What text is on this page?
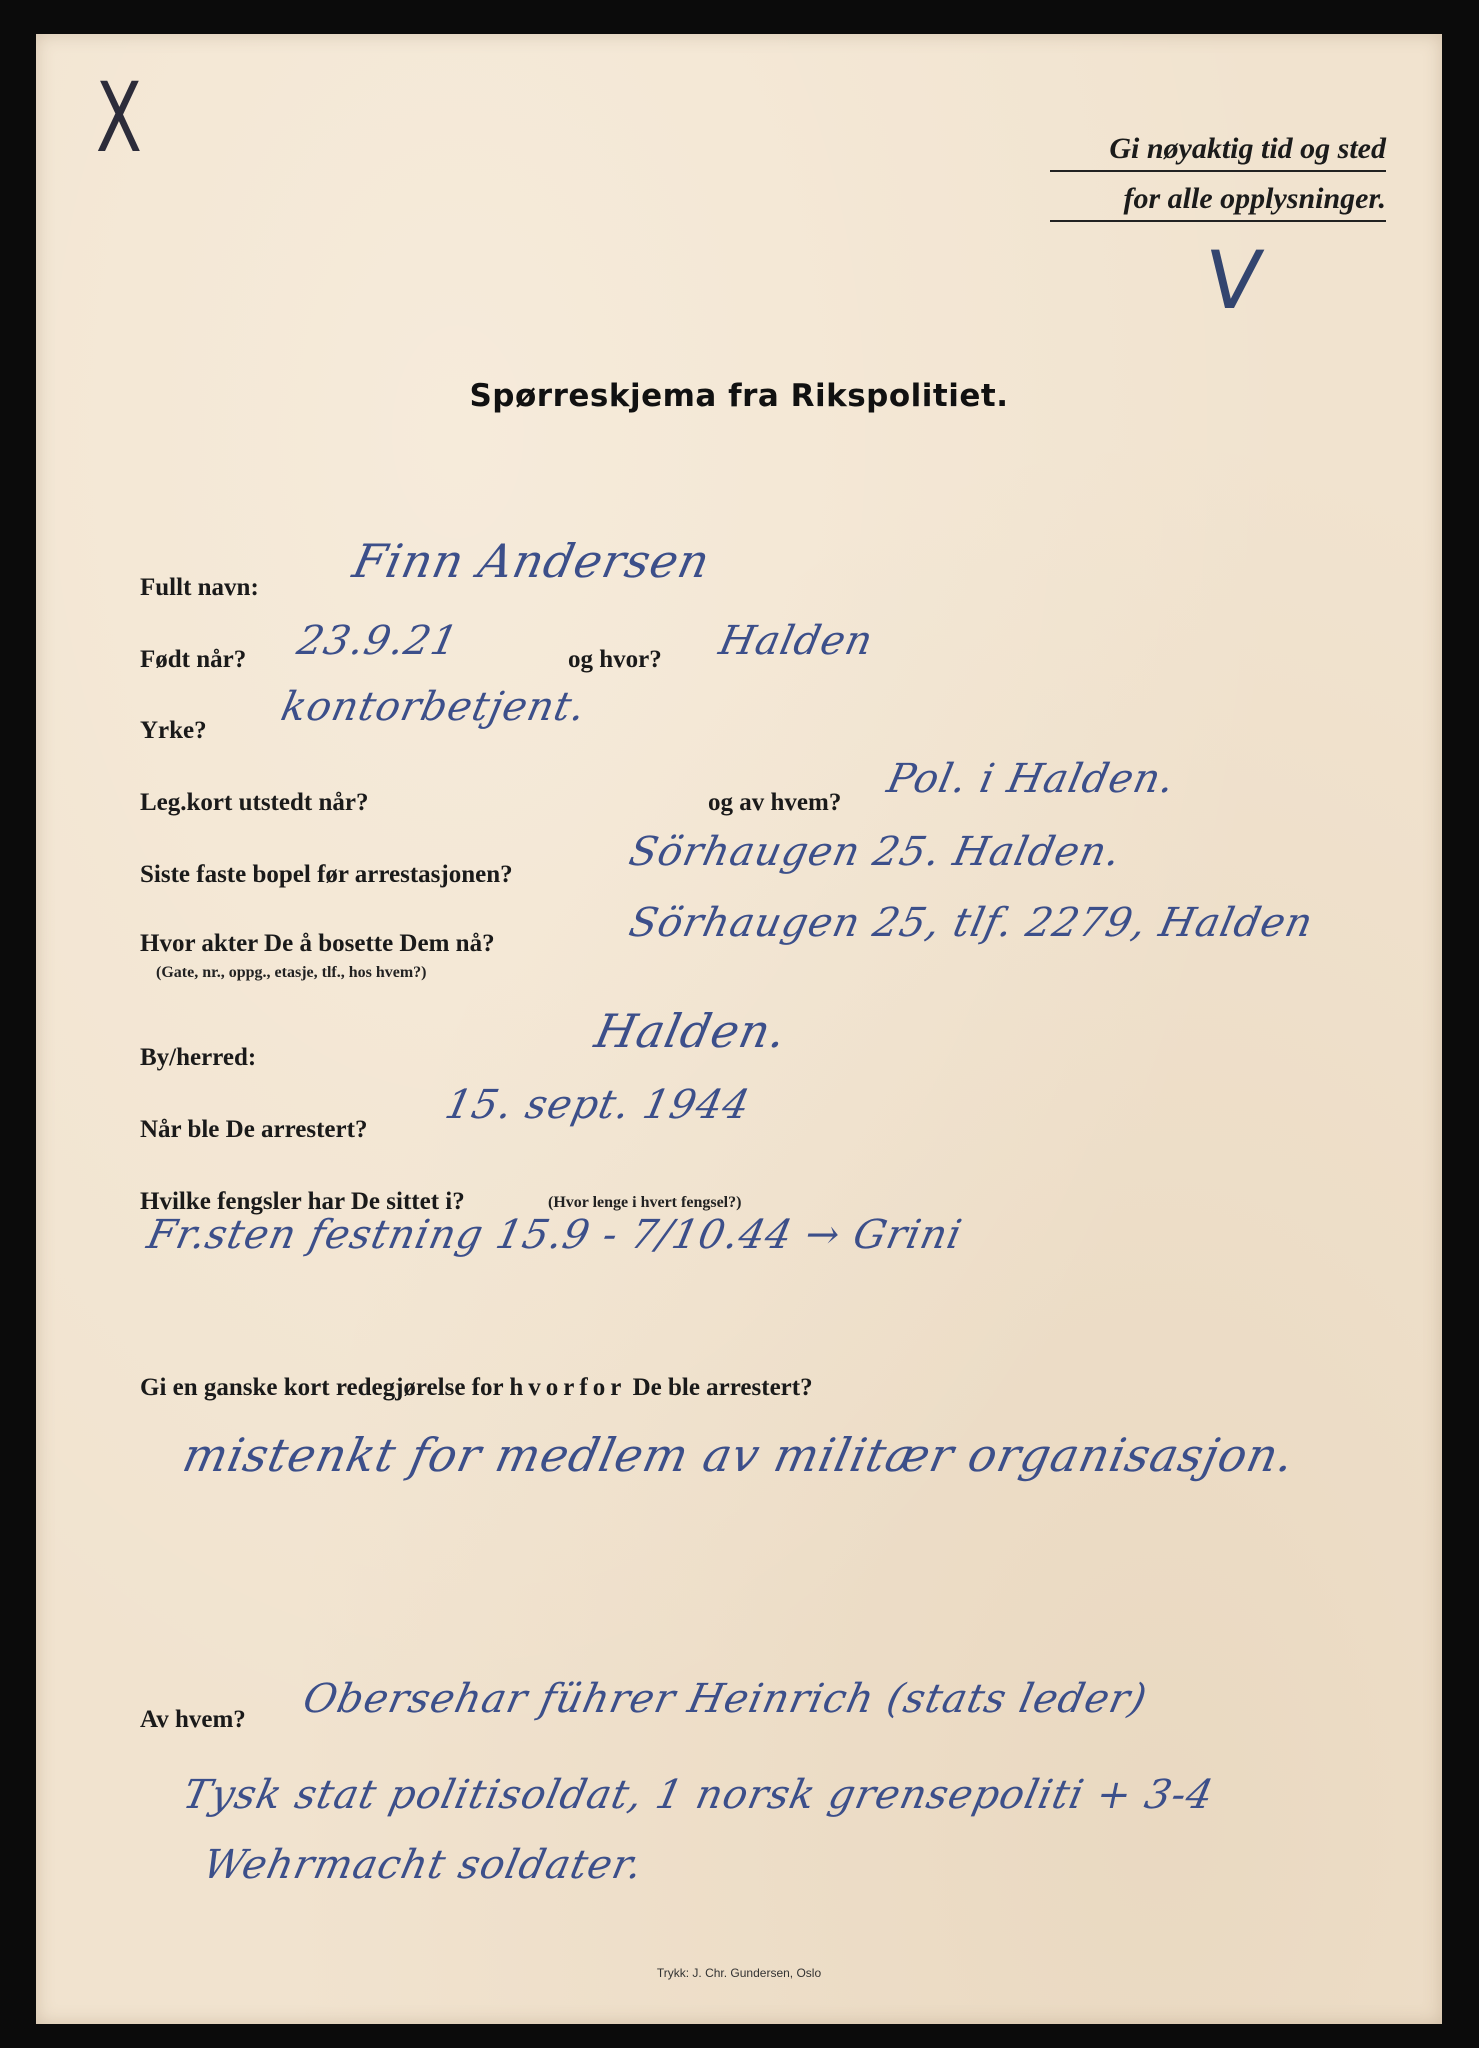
X	Gi nøyaktig tid og sted
for alle opplysninger.
V
Spørreskjema fra Rikspolitiet.
Fullt navn: Finn Andersen
Født når? 23.9.21	og hvor? Halden
Yrke?
kontorbetjent.
Leg.kort utstedt når?	og av hvem?
Pol. i Halden.
Siste faste bopel før arrestasjonen?	Sörhaugen 25. Halden.
Hvor akter De å bosette Dem nå?
(Gate, nr., oppg., etasje, tlf., hos hvem?)
Sörhaugen 25, tlf. 2279, Halden
By/herred:	Halden.
Når ble De arrestert?
15. sept. 1944
Hvilke fengsler har De sittet i?	(Hvor lenge i hvert fengsel?)
Fr.sten festning 15.9 - 7/10.44 → Grini
Gi en ganske kort redegjørelse for hvorfor De ble arrestert?
mistenkt for medlem av militær organisasjon.
Av hvem? Obersehar führer Heinrich (stats leder)
Tysk stat politisoldat, 1 norsk grensepoliti + 3-4
Wehrmacht soldater.
Trykk: J. Chr. Gundersen, Oslo
